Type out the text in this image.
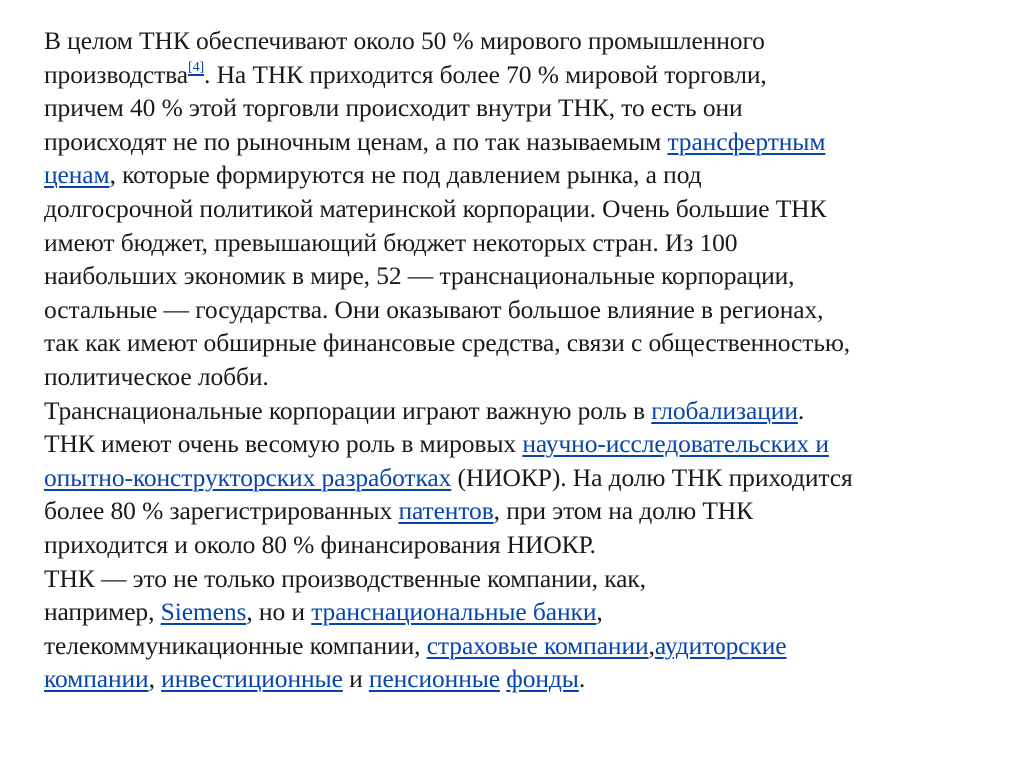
В целом ТНК обеспечивают около 50 % мирового промышленного
производства[4]. На ТНК приходится более 70 % мировой торговли,
причем 40 % этой торговли происходит внутри ТНК, то есть они
происходят не по рыночным ценам, а по так называемым трансфертным
ценам, которые формируются не под давлением рынка, а под
долгосрочной политикой материнской корпорации. Очень большие ТНК
имеют бюджет, превышающий бюджет некоторых стран. Из 100
наибольших экономик в мире, 52 — транснациональные корпорации,
остальные — государства. Они оказывают большое влияние в регионах,
так как имеют обширные финансовые средства, связи с общественностью,
политическое лобби.
Транснациональные корпорации играют важную роль в глобализации.
ТНК имеют очень весомую роль в мировых научно-исследовательских и
опытно-конструкторских разработках (НИОКР). На долю ТНК приходится
более 80 % зарегистрированных патентов, при этом на долю ТНК
приходится и около 80 % финансирования НИОКР.
ТНК — это не только производственные компании, как,
например, Siemens, но и транснациональные банки,
телекоммуникационные компании, страховые компании,аудиторские
компании, инвестиционные и пенсионные фонды.
